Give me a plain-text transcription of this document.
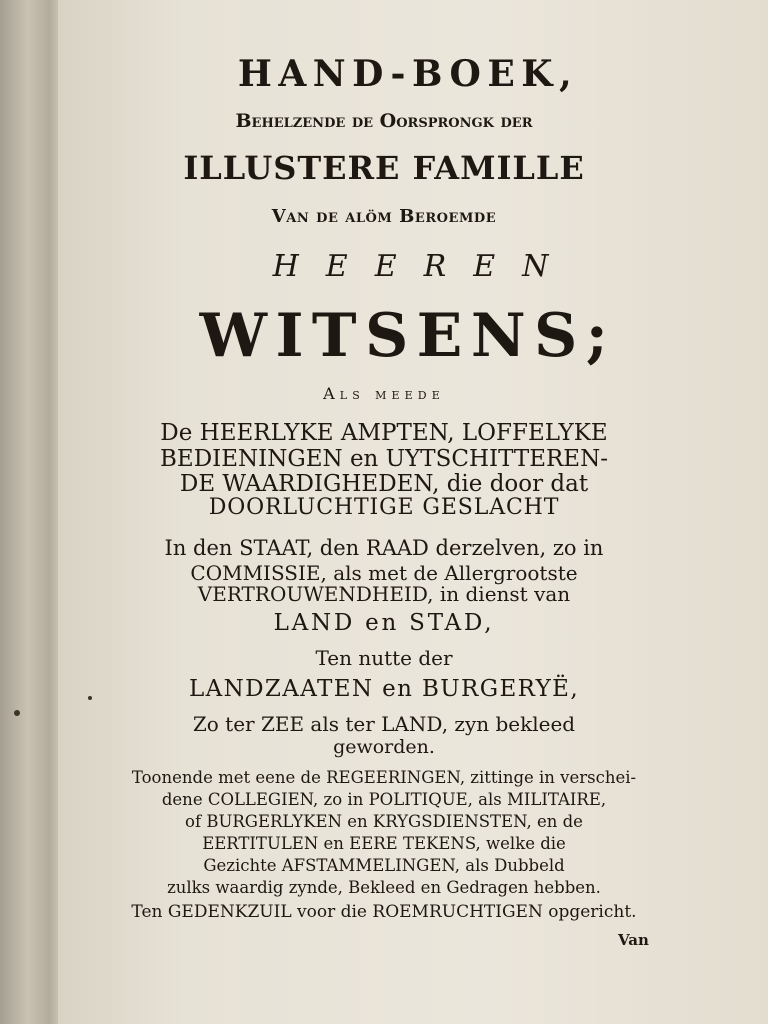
HAND-BOEK,

Behelzende de Oorsprongk der

ILLUSTERE FAMILLE

Van de alöm Beroemde

HEEREN

WITSENS;

Als meede

De HEERLYKE AMPTEN, LOFFELYKE

BEDIENINGEN en UYTSCHITTEREN-

DE WAARDIGHEDEN, die door dat

DOORLUCHTIGE GESLACHT

In den STAAT, den RAAD derzelven, zo in

COMMISSIE, als met de Allergrootste

VERTROUWENDHEID, in dienst van

LAND en STAD,

Ten nutte der

LANDZAATEN en BURGERYË,

Zo ter ZEE als ter LAND, zyn bekleed

geworden.

Toonende met eene de REGEERINGEN, zittinge in verschei-

dene COLLEGIEN, zo in POLITIQUE, als MILITAIRE,

of BURGERLYKEN en KRYGSDIENSTEN, en de

EERTITULEN en EERE TEKENS, welke die

Gezichte AFSTAMMELINGEN, als Dubbeld

zulks waardig zynde, Bekleed en Gedragen hebben.

Ten GEDENKZUIL voor die ROEMRUCHTIGEN opgericht.

Van
